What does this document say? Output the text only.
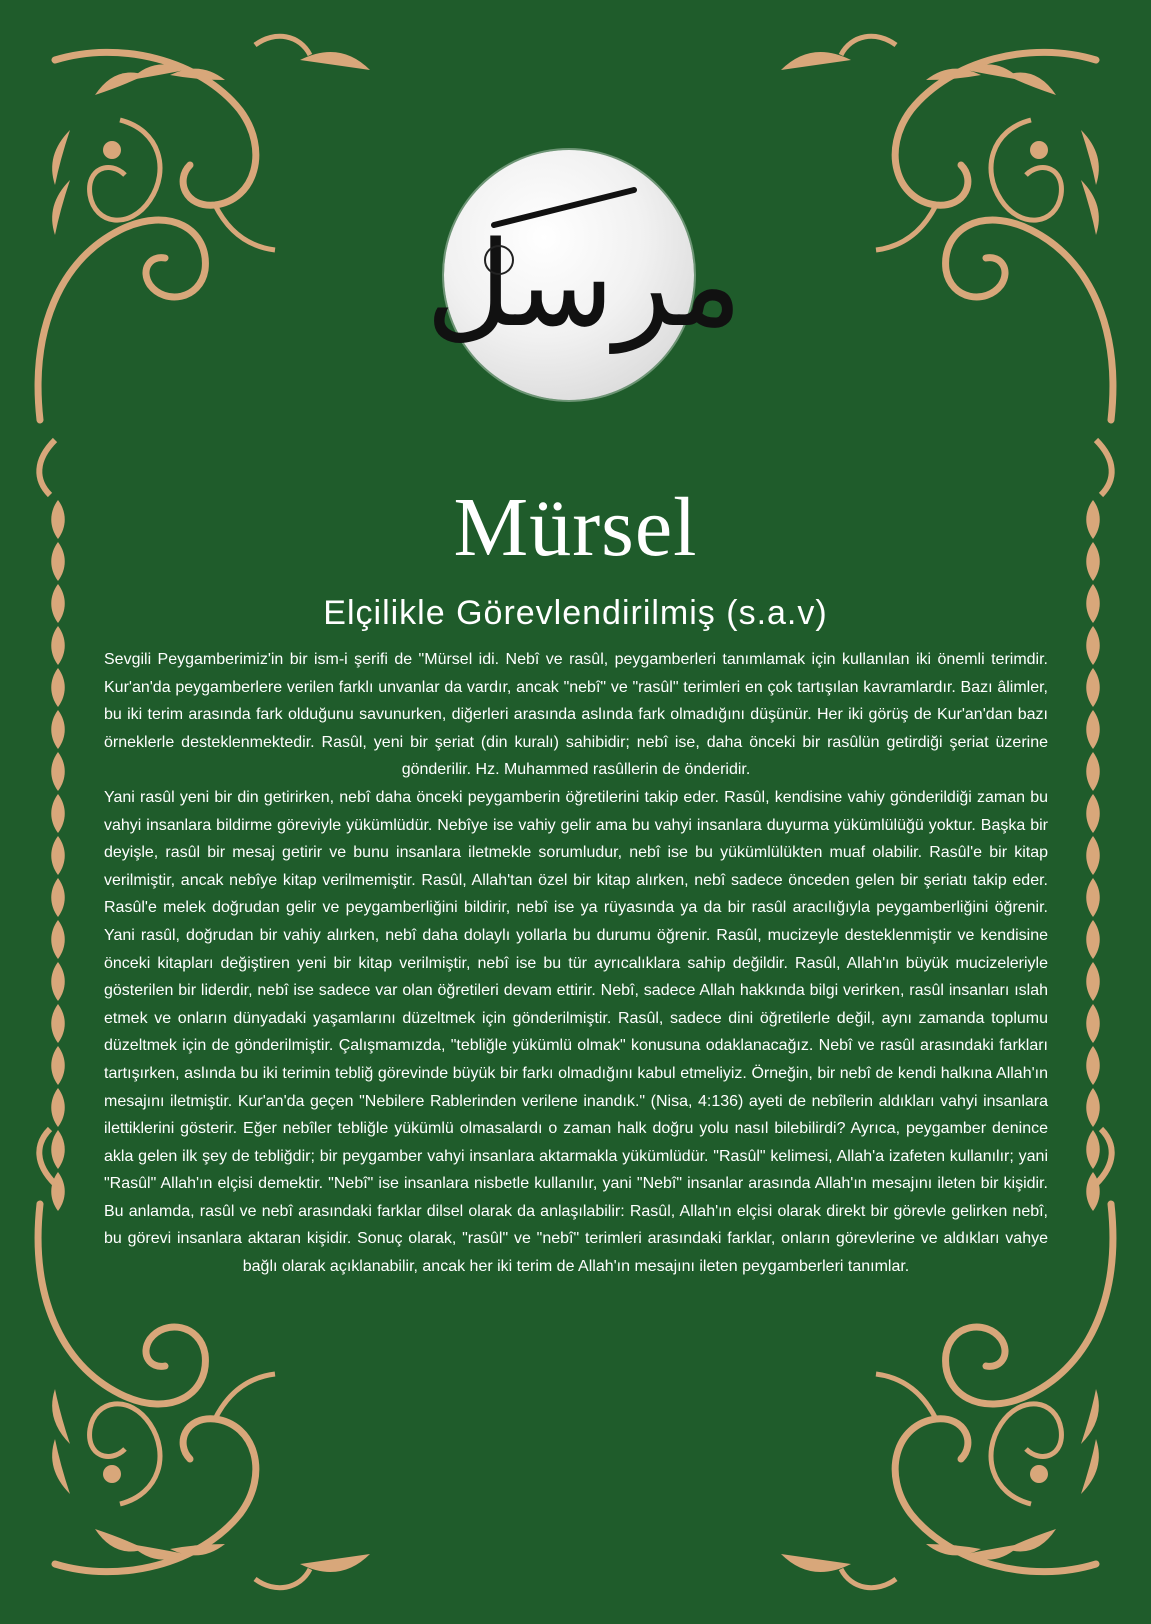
مرسل
Mürsel
Elçilikle Görevlendirilmiş (s.a.v)

Sevgili Peygamberimiz'in bir ism-i şerifi de "Mürsel idi. Nebî ve rasûl, peygamberleri tanımlamak için kullanılan iki önemli terimdir. Kur'an'da peygamberlere verilen farklı unvanlar da vardır, ancak "nebî" ve "rasûl" terimleri en çok tartışılan kavramlardır. Bazı âlimler, bu iki terim arasında fark olduğunu savunurken, diğerleri arasında aslında fark olmadığını düşünür. Her iki görüş de Kur'an'dan bazı örneklerle desteklenmektedir. Rasûl, yeni bir şeriat (din kuralı) sahibidir; nebî ise, daha önceki bir rasûlün getirdiği şeriat üzerine gönderilir. Hz. Muhammed rasûllerin de önderidir.

Yani rasûl yeni bir din getirirken, nebî daha önceki peygamberin öğretilerini takip eder. Rasûl, kendisine vahiy gönderildiği zaman bu vahyi insanlara bildirme göreviyle yükümlüdür. Nebîye ise vahiy gelir ama bu vahyi insanlara duyurma yükümlülüğü yoktur. Başka bir deyişle, rasûl bir mesaj getirir ve bunu insanlara iletmekle sorumludur, nebî ise bu yükümlülükten muaf olabilir. Rasûl'e bir kitap verilmiştir, ancak nebîye kitap verilmemiştir. Rasûl, Allah'tan özel bir kitap alırken, nebî sadece önceden gelen bir şeriatı takip eder. Rasûl'e melek doğrudan gelir ve peygamberliğini bildirir, nebî ise ya rüyasında ya da bir rasûl aracılığıyla peygamberliğini öğrenir. Yani rasûl, doğrudan bir vahiy alırken, nebî daha dolaylı yollarla bu durumu öğrenir. Rasûl, mucizeyle desteklenmiştir ve kendisine önceki kitapları değiştiren yeni bir kitap verilmiştir, nebî ise bu tür ayrıcalıklara sahip değildir. Rasûl, Allah'ın büyük mucizeleriyle gösterilen bir liderdir, nebî ise sadece var olan öğretileri devam ettirir. Nebî, sadece Allah hakkında bilgi verirken, rasûl insanları ıslah etmek ve onların dünyadaki yaşamlarını düzeltmek için gönderilmiştir. Rasûl, sadece dini öğretilerle değil, aynı zamanda toplumu düzeltmek için de gönderilmiştir. Çalışmamızda, "tebliğle yükümlü olmak" konusuna odaklanacağız. Nebî ve rasûl arasındaki farkları tartışırken, aslında bu iki terimin tebliğ görevinde büyük bir farkı olmadığını kabul etmeliyiz. Örneğin, bir nebî de kendi halkına Allah'ın mesajını iletmiştir. Kur'an'da geçen "Nebilere Rablerinden verilene inandık." (Nisa, 4:136) ayeti de nebîlerin aldıkları vahyi insanlara ilettiklerini gösterir. Eğer nebîler tebliğle yükümlü olmasalardı o zaman halk doğru yolu nasıl bilebilirdi? Ayrıca, peygamber denince akla gelen ilk şey de tebliğdir; bir peygamber vahyi insanlara aktarmakla yükümlüdür. "Rasûl" kelimesi, Allah'a izafeten kullanılır; yani "Rasûl" Allah'ın elçisi demektir. "Nebî" ise insanlara nisbetle kullanılır, yani "Nebî" insanlar arasında Allah'ın mesajını ileten bir kişidir. Bu anlamda, rasûl ve nebî arasındaki farklar dilsel olarak da anlaşılabilir: Rasûl, Allah'ın elçisi olarak direkt bir görevle gelirken nebî, bu görevi insanlara aktaran kişidir. Sonuç olarak, "rasûl" ve "nebî" terimleri arasındaki farklar, onların görevlerine ve aldıkları vahye bağlı olarak açıklanabilir, ancak her iki terim de Allah'ın mesajını ileten peygamberleri tanımlar.
